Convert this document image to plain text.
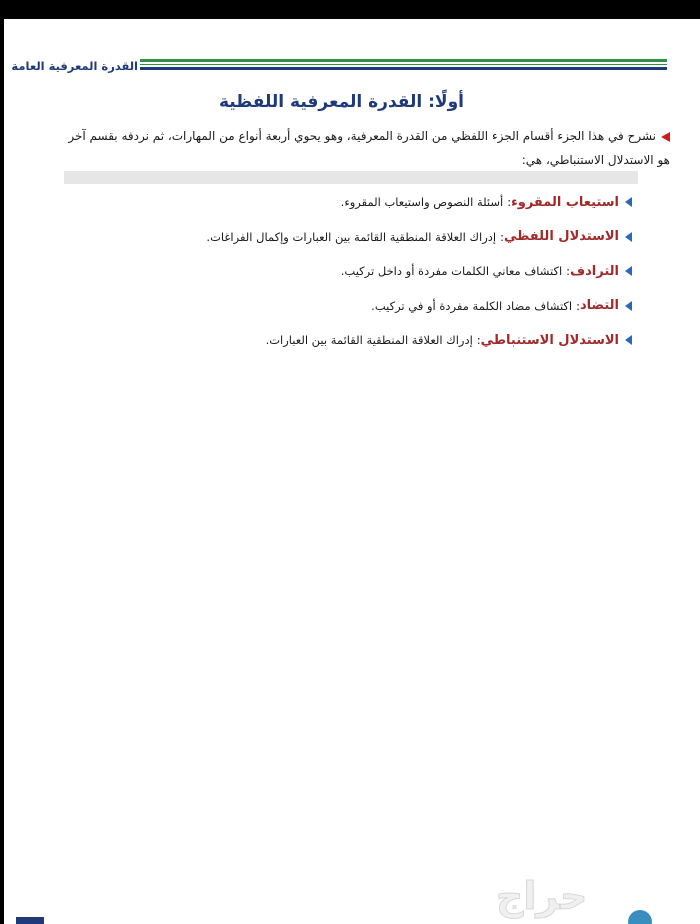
القدرة المعرفية العامة
أولًا: القدرة المعرفية اللفظية
نشرح في هذا الجزء أقسام الجزء اللفظي من القدرة المعرفية، وهو يحوي أربعة أنواع من المهارات، ثم نردفه بقسم آخر هو الاستدلال الاستنباطي، هي:
استيعاب المقروء
:
أسئلة النصوص واستيعاب المقروء.
الاستدلال اللفظي
:
إدراك العلاقة المنطقية القائمة بين العبارات وإكمال الفراغات.
الترادف
:
اكتشاف معاني الكلمات مفردة أو داخل تركيب.
التضاد
:
اكتشاف مضاد الكلمة مفردة أو في تركيب.
الاستدلال الاستنباطي
:
إدراك العلاقة المنطقية القائمة بين العبارات.
حراج
